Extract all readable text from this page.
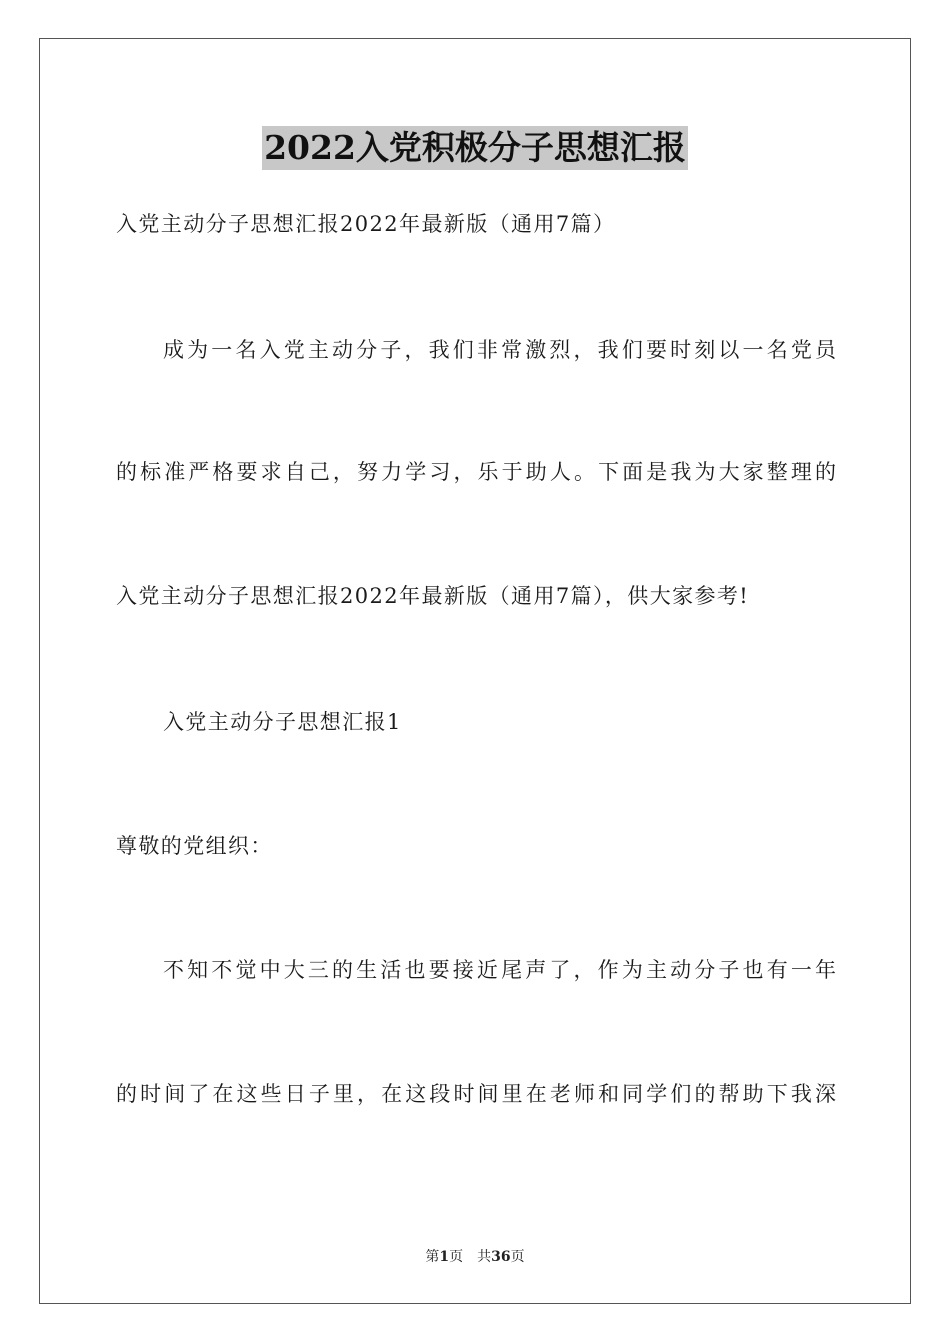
2022入党积极分子思想汇报
入党主动分子思想汇报2022年最新版（通用7篇）
成为一名入党主动分子，我们非常激烈，我们要时刻以一名党员
的标准严格要求自己，努力学习，乐于助人。下面是我为大家整理的
入党主动分子思想汇报2022年最新版（通用7篇），供大家参考!
入党主动分子思想汇报1
尊敬的党组织：
不知不觉中大三的生活也要接近尾声了，作为主动分子也有一年
的时间了在这些日子里，在这段时间里在老师和同学们的帮助下我深
第1页 共36页
